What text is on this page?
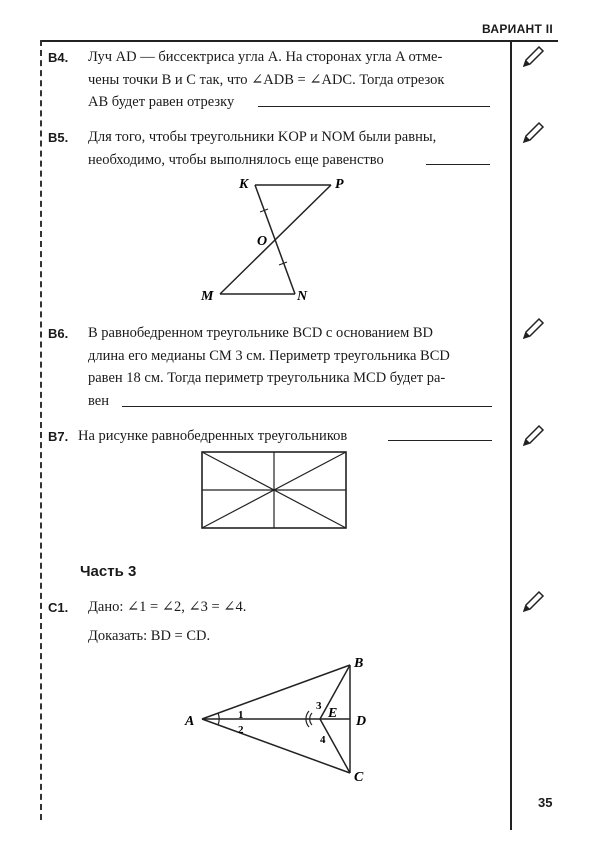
ВАРИАНТ II
B4. Луч AD — биссектриса угла A. На сторонах угла A отме-
чены точки B и C так, что ∠ADB = ∠ADC. Тогда отрезок
AB будет равен отрезку
B5. Для того, чтобы треугольники KOP и NOM были равны,
необходимо, чтобы выполнялось еще равенство
K	P
O
M	N
B6. В равнобедренном треугольнике BCD с основанием BD
длина его медианы CM 3 см. Периметр треугольника BCD
равен 18 см. Тогда периметр треугольника MCD будет ра-
вен
B7. На рисунке равнобедренных треугольников
Часть 3
C1. Дано: ∠1 = ∠2, ∠3 = ∠4.
Доказать: BD = CD.
A
B
C
D
E
1
2
3
4
35
